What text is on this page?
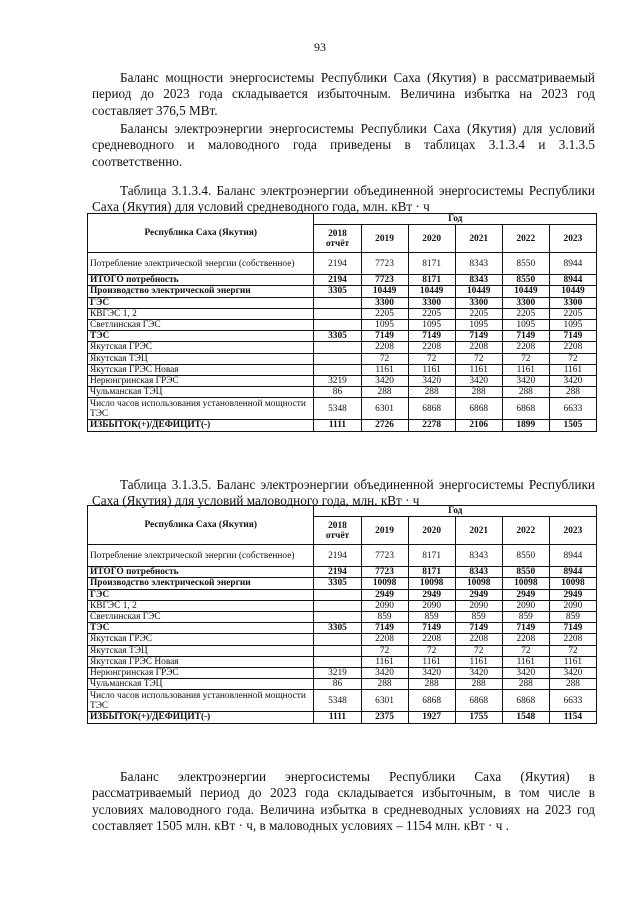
93

Баланс мощности энергосистемы Республики Саха (Якутия) в рассматриваемый период до 2023 года складывается избыточным. Величина избытка на 2023 год составляет 376,5 МВт.

Балансы электроэнергии энергосистемы Республики Саха (Якутия) для условий средневодного и маловодного года приведены в таблицах 3.1.3.4 и 3.1.3.5 соответственно.

Таблица 3.1.3.4. Баланс электроэнергии объединенной энергосистемы Республики Саха (Якутия) для условий средневодного года, млн. кВт · ч

Республика Саха (Якутия)	Год					
	2018 отчёт	2019	2020	2021	2022	2023
Потребление электрической энергии (собственное)	2194	7723	8171	8343	8550	8944
ИТОГО потребность	2194	7723	8171	8343	8550	8944
Производство электрической энергии	3305	10449	10449	10449	10449	10449
ГЭС		3300	3300	3300	3300	3300
КВГЭС 1, 2		2205	2205	2205	2205	2205
Светлинская ГЭС		1095	1095	1095	1095	1095
ТЭС	3305	7149	7149	7149	7149	7149
Якутская ГРЭС		2208	2208	2208	2208	2208
Якутская ТЭЦ		72	72	72	72	72
Якутская ГРЭС Новая		1161	1161	1161	1161	1161
Нерюнгринская ГРЭС	3219	3420	3420	3420	3420	3420
Чульманская ТЭЦ	86	288	288	288	288	288
Число часов использования установленной мощности ТЭС	5348	6301	6868	6868	6868	6633
ИЗБЫТОК(+)/ДЕФИЦИТ(-)	1111	2726	2278	2106	1899	1505

Таблица 3.1.3.5. Баланс электроэнергии объединенной энергосистемы Республики Саха (Якутия) для условий маловодного года, млн. кВт · ч

Республика Саха (Якутия)	Год					
	2018 отчёт	2019	2020	2021	2022	2023
Потребление электрической энергии (собственное)	2194	7723	8171	8343	8550	8944
ИТОГО потребность	2194	7723	8171	8343	8550	8944
Производство электрической энергии	3305	10098	10098	10098	10098	10098
ГЭС		2949	2949	2949	2949	2949
КВГЭС 1, 2		2090	2090	2090	2090	2090
Светлинская ГЭС		859	859	859	859	859
ТЭС	3305	7149	7149	7149	7149	7149
Якутская ГРЭС		2208	2208	2208	2208	2208
Якутская ТЭЦ		72	72	72	72	72
Якутская ГРЭС Новая		1161	1161	1161	1161	1161
Нерюнгринская ГРЭС	3219	3420	3420	3420	3420	3420
Чульманская ТЭЦ	86	288	288	288	288	288
Число часов использования установленной мощности ТЭС	5348	6301	6868	6868	6868	6633
ИЗБЫТОК(+)/ДЕФИЦИТ(-)	1111	2375	1927	1755	1548	1154

Баланс электроэнергии энергосистемы Республики Саха (Якутия) в рассматриваемый период до 2023 года складывается избыточным, в том числе в условиях маловодного года. Величина избытка в средневодных условиях на 2023 год составляет 1505 млн. кВт · ч, в маловодных условиях – 1154 млн. кВт · ч .
